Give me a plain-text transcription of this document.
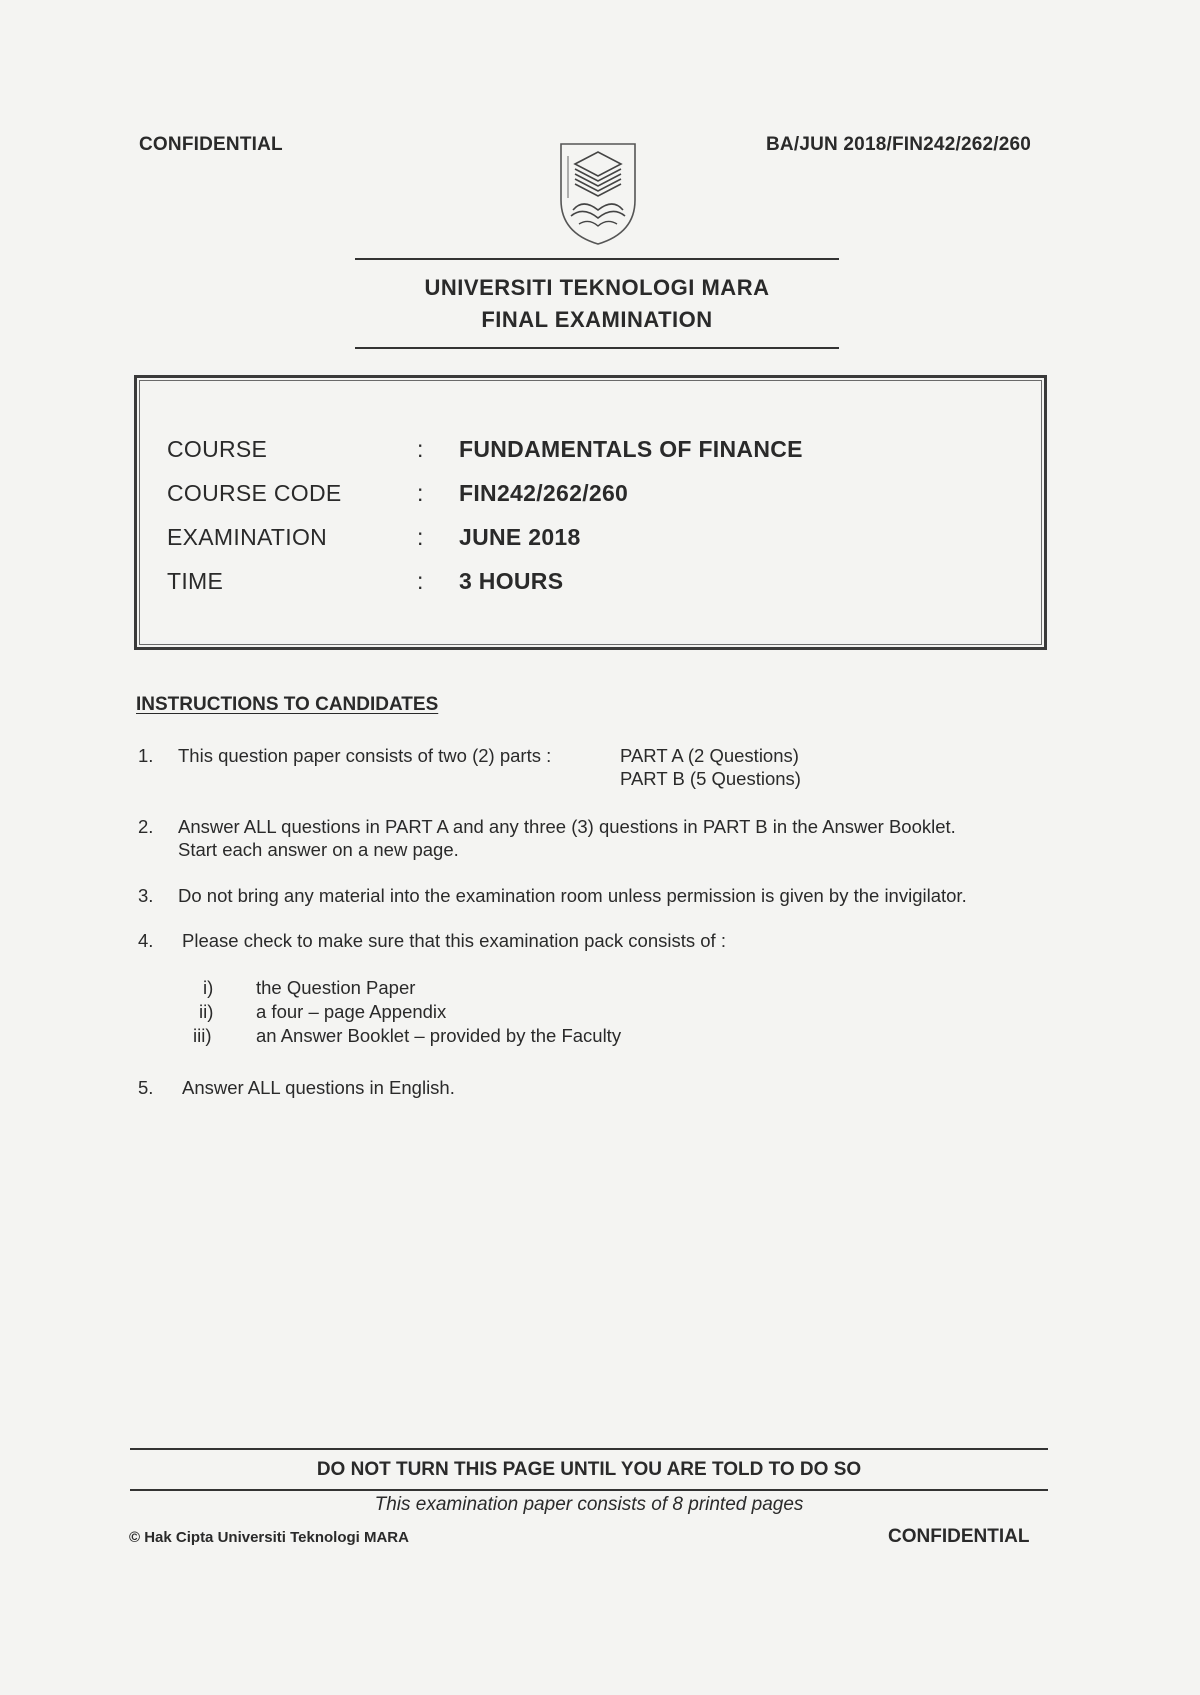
CONFIDENTIAL	BA/JUN 2018/FIN242/262/260
UNIVERSITI TEKNOLOGI MARA
FINAL EXAMINATION
COURSE	: FUNDAMENTALS OF FINANCE
COURSE CODE	: FIN242/262/260
EXAMINATION	: JUNE 2018
TIME	: 3 HOURS
INSTRUCTIONS TO CANDIDATES
1. This question paper consists of two (2) parts :	PART A (2 Questions)
PART B (5 Questions)
2. Answer ALL questions in PART A and any three (3) questions in PART B in the Answer Booklet.
Start each answer on a new page.
3. Do not bring any material into the examination room unless permission is given by the invigilator.
4. Please check to make sure that this examination pack consists of :
i) the Question Paper
ii) a four – page Appendix
iii) an Answer Booklet – provided by the Faculty
5. Answer ALL questions in English.
DO NOT TURN THIS PAGE UNTIL YOU ARE TOLD TO DO SO
This examination paper consists of 8 printed pages
© Hak Cipta Universiti Teknologi MARA	CONFIDENTIAL
